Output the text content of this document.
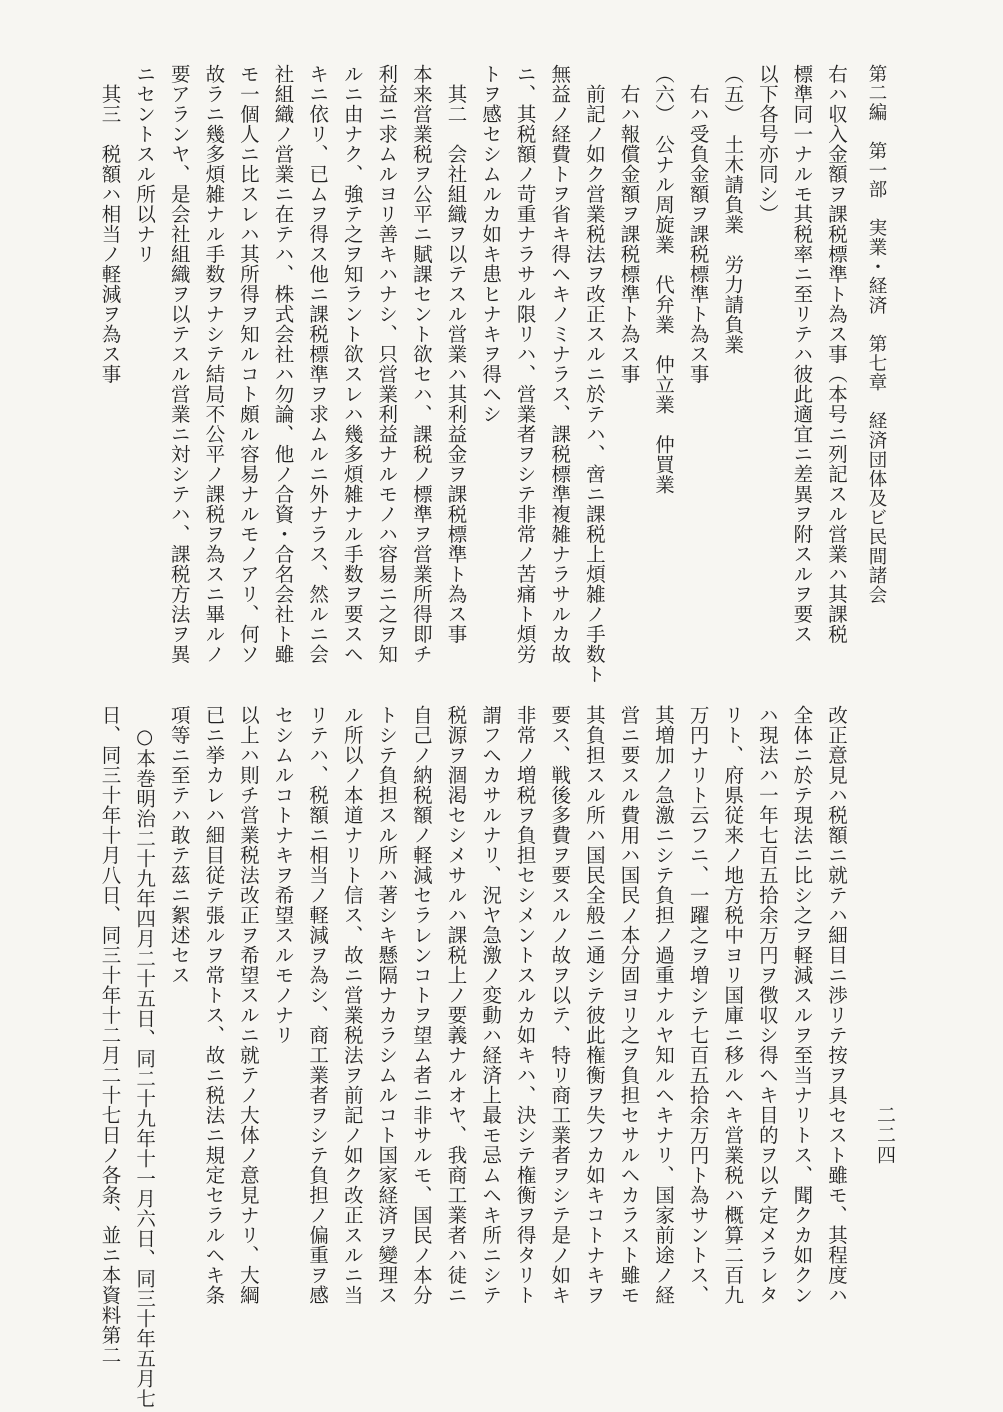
第二編　第一部　実業・経済　第七章　経済団体及ビ民間諸会
右ハ収入金額ヲ課税標準ト為ス事（本号ニ列記スル営業ハ其課税
標準同一ナルモ其税率ニ至リテハ彼此適宜ニ差異ヲ附スルヲ要ス
以下各号亦同シ）
（五）　土木請負業　労力請負業
右ハ受負金額ヲ課税標準ト為ス事
（六）　公ナル周旋業　代弁業　仲立業　仲買業
右ハ報償金額ヲ課税標準ト為ス事
前記ノ如ク営業税法ヲ改正スルニ於テハ、啻ニ課税上煩雑ノ手数ト
無益ノ経費トヲ省キ得ヘキノミナラス、課税標準複雑ナラサルカ故
ニ、其税額ノ苛重ナラサル限リハ、営業者ヲシテ非常ノ苦痛ト煩労
トヲ感セシムルカ如キ患ヒナキヲ得ヘシ
其二　会社組織ヲ以テスル営業ハ其利益金ヲ課税標準ト為ス事
本来営業税ヲ公平ニ賦課セント欲セハ、課税ノ標準ヲ営業所得即チ
利益ニ求ムルヨリ善キハナシ、只営業利益ナルモノハ容易ニ之ヲ知
ルニ由ナク、強テ之ヲ知ラント欲スレハ幾多煩雑ナル手数ヲ要スヘ
キニ依リ、已ムヲ得ス他ニ課税標準ヲ求ムルニ外ナラス、然ルニ会
社組織ノ営業ニ在テハ、株式会社ハ勿論、他ノ合資・合名会社ト雖
モ一個人ニ比スレハ其所得ヲ知ルコト頗ル容易ナルモノアリ、何ソ
故ラニ幾多煩雑ナル手数ヲナシテ結局不公平ノ課税ヲ為スニ畢ルノ
要アランヤ、是会社組織ヲ以テスル営業ニ対シテハ、課税方法ヲ異
ニセントスル所以ナリ
其三　税額ハ相当ノ軽減ヲ為ス事
改正意見ハ税額ニ就テハ細目ニ渉リテ按ヲ具セスト雖モ、其程度ハ
全体ニ於テ現法ニ比シ之ヲ軽減スルヲ至当ナリトス、聞クカ如クン
ハ現法ハ一年七百五拾余万円ヲ徴収シ得ヘキ目的ヲ以テ定メラレタ
リト、府県従来ノ地方税中ヨリ国庫ニ移ルヘキ営業税ハ概算二百九
万円ナリト云フニ、一躍之ヲ増シテ七百五拾余万円ト為サントス、
其増加ノ急激ニシテ負担ノ過重ナルヤ知ルヘキナリ、国家前途ノ経
営ニ要スル費用ハ国民ノ本分固ヨリ之ヲ負担セサルヘカラスト雖モ
其負担スル所ハ国民全般ニ通シテ彼此権衡ヲ失フカ如キコトナキヲ
要ス、戦後多費ヲ要スルノ故ヲ以テ、特リ商工業者ヲシテ是ノ如キ
非常ノ増税ヲ負担セシメントスルカ如キハ、決シテ権衡ヲ得タリト
謂フヘカサルナリ、況ヤ急激ノ変動ハ経済上最モ忌ムヘキ所ニシテ
税源ヲ涸渇セシメサルハ課税上ノ要義ナルオヤ、我商工業者ハ徒ニ
自己ノ納税額ノ軽減セラレンコトヲ望ム者ニ非サルモ、国民ノ本分
トシテ負担スル所ハ著シキ懸隔ナカラシムルコト国家経済ヲ變理ス
ル所以ノ本道ナリト信ス、故ニ営業税法ヲ前記ノ如ク改正スルニ当
リテハ、税額ニ相当ノ軽減ヲ為シ、商工業者ヲシテ負担ノ偏重ヲ感
セシムルコトナキヲ希望スルモノナリ
以上ハ則チ営業税法改正ヲ希望スルニ就テノ大体ノ意見ナリ、大綱
已ニ挙カレハ細目従テ張ルヲ常トス、故ニ税法ニ規定セラルヘキ条
項等ニ至テハ敢テ茲ニ絮述セス
○本巻明治二十九年四月二十五日、同二十九年十一月六日、同三十年五月七
日、同三十年十月八日、同三十年十二月二十七日ノ各条、並ニ本資料第二	二二四
